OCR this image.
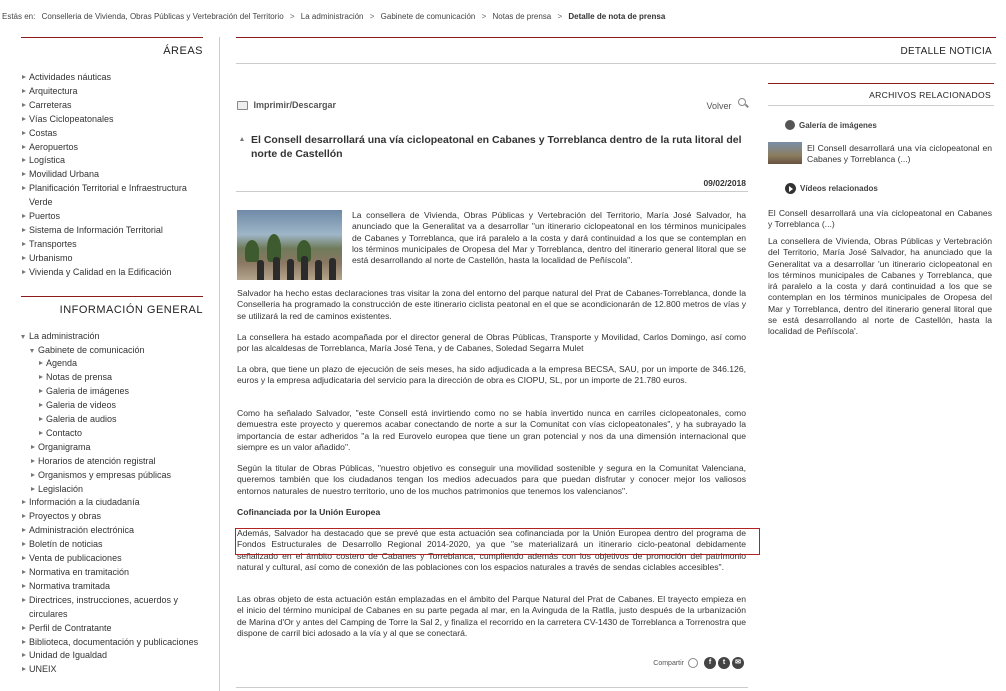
Estás en: Conselleria de Vivienda, Obras Públicas y Vertebración del Territorio > La administración > Gabinete de comunicación > Notas de prensa > Detalle de nota de prensa
ÁREAS
Actividades náuticas
Arquitectura
Carreteras
Vías Ciclopeatonales
Costas
Aeropuertos
Logística
Movilidad Urbana
Planificación Territorial e Infraestructura Verde
Puertos
Sistema de Información Territorial
Transportes
Urbanismo
Vivienda y Calidad en la Edificación
INFORMACIÓN GENERAL
La administración
Gabinete de comunicación
Agenda
Notas de prensa
Galeria de imágenes
Galeria de videos
Galeria de audios
Contacto
Organigrama
Horarios de atención registral
Organismos y empresas públicas
Legislación
Información a la ciudadanía
Proyectos y obras
Administración electrónica
Boletín de noticias
Venta de publicaciones
Normativa en tramitación
Normativa tramitada
Directrices, instrucciones, acuerdos y circulares
Perfil de Contratante
Biblioteca, documentación y publicaciones
Unidad de Igualdad
UNEIX
DETALLE NOTICIA
Imprimir/Descargar	Volver
El Consell desarrollará una vía ciclopeatonal en Cabanes y Torreblanca dentro de la ruta litoral del norte de Castellón
09/02/2018
La consellera de Vivienda, Obras Públicas y Vertebración del Territorio, María José Salvador, ha anunciado que la Generalitat va a desarrollar "un itinerario ciclopeatonal en los términos municipales de Cabanes y Torreblanca, que irá paralelo a la costa y dará continuidad a los que se contemplan en los términos municipales de Oropesa del Mar y Torreblanca, dentro del itinerario general litoral que se está desarrollando al norte de Castellón, hasta la localidad de Peñíscola".
Salvador ha hecho estas declaraciones tras visitar la zona del entorno del parque natural del Prat de Cabanes-Torreblanca, donde la Conselleria ha programado la construcción de este itinerario ciclista peatonal en el que se acondicionarán de 12.800 metros de vías y se utilizará la red de caminos existentes.
La consellera ha estado acompañada por el director general de Obras Públicas, Transporte y Movilidad, Carlos Domingo, así como por las alcaldesas de Torreblanca, María José Tena, y de Cabanes, Soledad Segarra Mulet
La obra, que tiene un plazo de ejecución de seis meses, ha sido adjudicada a la empresa BECSA, SAU, por un importe de 346.126, euros y la empresa adjudicataria del servicio para la dirección de obra es CIOPU, SL, por un importe de 21.780 euros.
Como ha señalado Salvador, "este Consell está invirtiendo como no se había invertido nunca en carriles ciclopeatonales, como demuestra este proyecto y queremos acabar conectando de norte a sur la Comunitat con vías ciclopeatonales", y ha subrayado la importancia de estar adheridos "a la red Eurovelo europea que tiene un gran potencial y nos da una dimensión internacional que siempre es un valor añadido".
Según la titular de Obras Públicas, "nuestro objetivo es conseguir una movilidad sostenible y segura en la Comunitat Valenciana, queremos también que los ciudadanos tengan los medios adecuados para que puedan disfrutar y conocer mejor los valiosos entornos naturales de nuestro territorio, uno de los muchos patrimonios que tenemos los valencianos".
Cofinanciada por la Unión Europea
Además, Salvador ha destacado que se prevé que esta actuación sea cofinanciada por la Unión Europea dentro del programa de Fondos Estructurales de Desarrollo Regional 2014-2020, ya que "se materializará un itinerario ciclo-peatonal debidamente señalizado en el ámbito costero de Cabanes y Torreblanca, cumpliendo además con los objetivos de promoción del patrimonio natural y cultural, así como de conexión de las poblaciones con los espacios naturales a través de sendas ciclables accesibles".
Las obras objeto de esta actuación están emplazadas en el ámbito del Parque Natural del Prat de Cabanes. El trayecto empieza en el inicio del término municipal de Cabanes en su parte pegada al mar, en la Avinguda de la Ratlla, justo después de la urbanización de Marina d'Or y antes del Camping de Torre la Sal 2, y finaliza el recorrido en la carretera CV-1430 de Torreblanca a Torrenostra que dispone de carril bici adosado a la vía y al que se conectará.
Compartir	f	t	✉
ARCHIVOS RELACIONADOS
Galería de imágenes
El Consell desarrollará una vía ciclopeatonal en Cabanes y Torreblanca (...)
Vídeos relacionados
El Consell desarrollará una vía ciclopeatonal en Cabanes y Torreblanca (...)
La consellera de Vivienda, Obras Públicas y Vertebración del Territorio, María José Salvador, ha anunciado que la Generalitat va a desarrollar 'un itinerario ciclopeatonal en los términos municipales de Cabanes y Torreblanca, que irá paralelo a la costa y dará continuidad a los que se contemplan en los términos municipales de Oropesa del Mar y Torreblanca, dentro del itinerario general litoral que se está desarrollando al norte de Castellón, hasta la localidad de Peñíscola'.
